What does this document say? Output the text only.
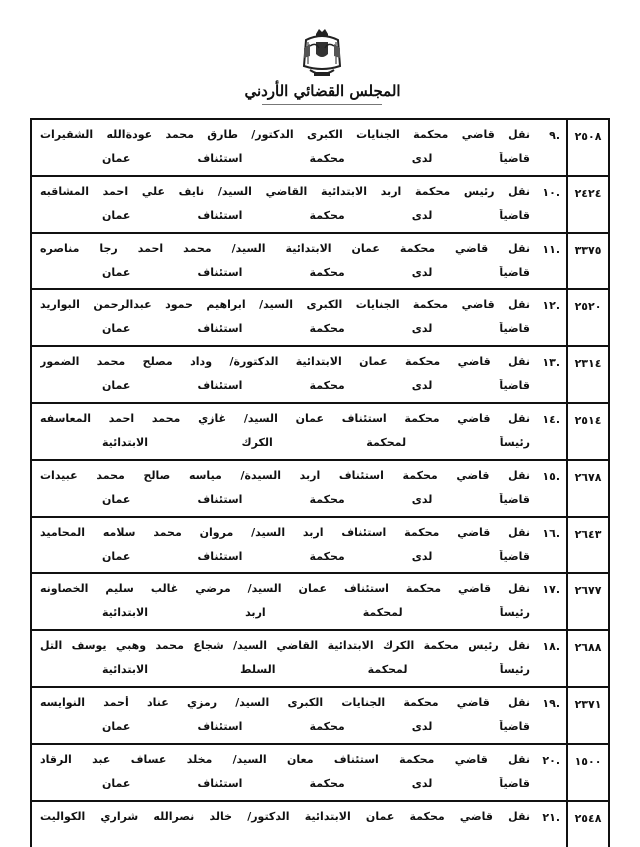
المجلس القضائي الأردني
٢٥٠٨
.٩
نقل قاضي محكمة الجنايات الكبرى الدكتور/ طارق محمد عودةالله الشقيرات
قاضياً لدى محكمة استئناف عمان
٢٤٢٤
.١٠
نقل رئيس محكمة اربد الابتدائية القاضي السيد/ نايف علي احمد المشاقبه
قاضياً لدى محكمة استئناف عمان
٣٣٧٥
.١١
نقل قاضي محكمة عمان الابتدائية السيد/ محمد احمد رجا مناصره
قاضياً لدى محكمة استئناف عمان
٢٥٢٠
.١٢
نقل قاضي محكمة الجنايات الكبرى السيد/ ابراهيم حمود عبدالرحمن البواريد
قاضياً لدى محكمة استئناف عمان
٢٣١٤
.١٣
نقل قاضي محكمة عمان الابتدائية الدكتورة/ وداد مصلح محمد الضمور
قاضياً لدى محكمة استئناف عمان
٢٥١٤
.١٤
نقل قاضي محكمة استئناف عمان السيد/ غازي محمد احمد المعاسفه
رئيساً لمحكمة الكرك الابتدائية
٢٦٧٨
.١٥
نقل قاضي محكمة استئناف اربد السيدة/ مياسه صالح محمد عبيدات
قاضياً لدى محكمة استئناف عمان
٢٦٤٣
.١٦
نقل قاضي محكمة استئناف اربد السيد/ مروان محمد سلامه المحاميد
قاضياً لدى محكمة استئناف عمان
٢٦٧٧
.١٧
نقل قاضي محكمة استئناف عمان السيد/ مرضي غالب سليم الخصاونه
رئيساً لمحكمة اربد الابتدائية
٢٦٨٨
.١٨
نقل رئيس محكمة الكرك الابتدائية القاضي السيد/ شجاع محمد وهبي يوسف التل
رئيساً لمحكمة السلط الابتدائية
٢٣٧١
.١٩
نقل قاضي محكمة الجنايات الكبرى السيد/ رمزي عناد أحمد النوايسه
قاضياً لدى محكمة استئناف عمان
١٥٠٠
.٢٠
نقل قاضي محكمة استئناف معان السيد/ مخلد عساف عبد الرقاد
قاضياً لدى محكمة استئناف عمان
٢٥٤٨
.٢١
نقل قاضي محكمة عمان الابتدائية الدكتور/ خالد نصرالله شراري الكواليت
